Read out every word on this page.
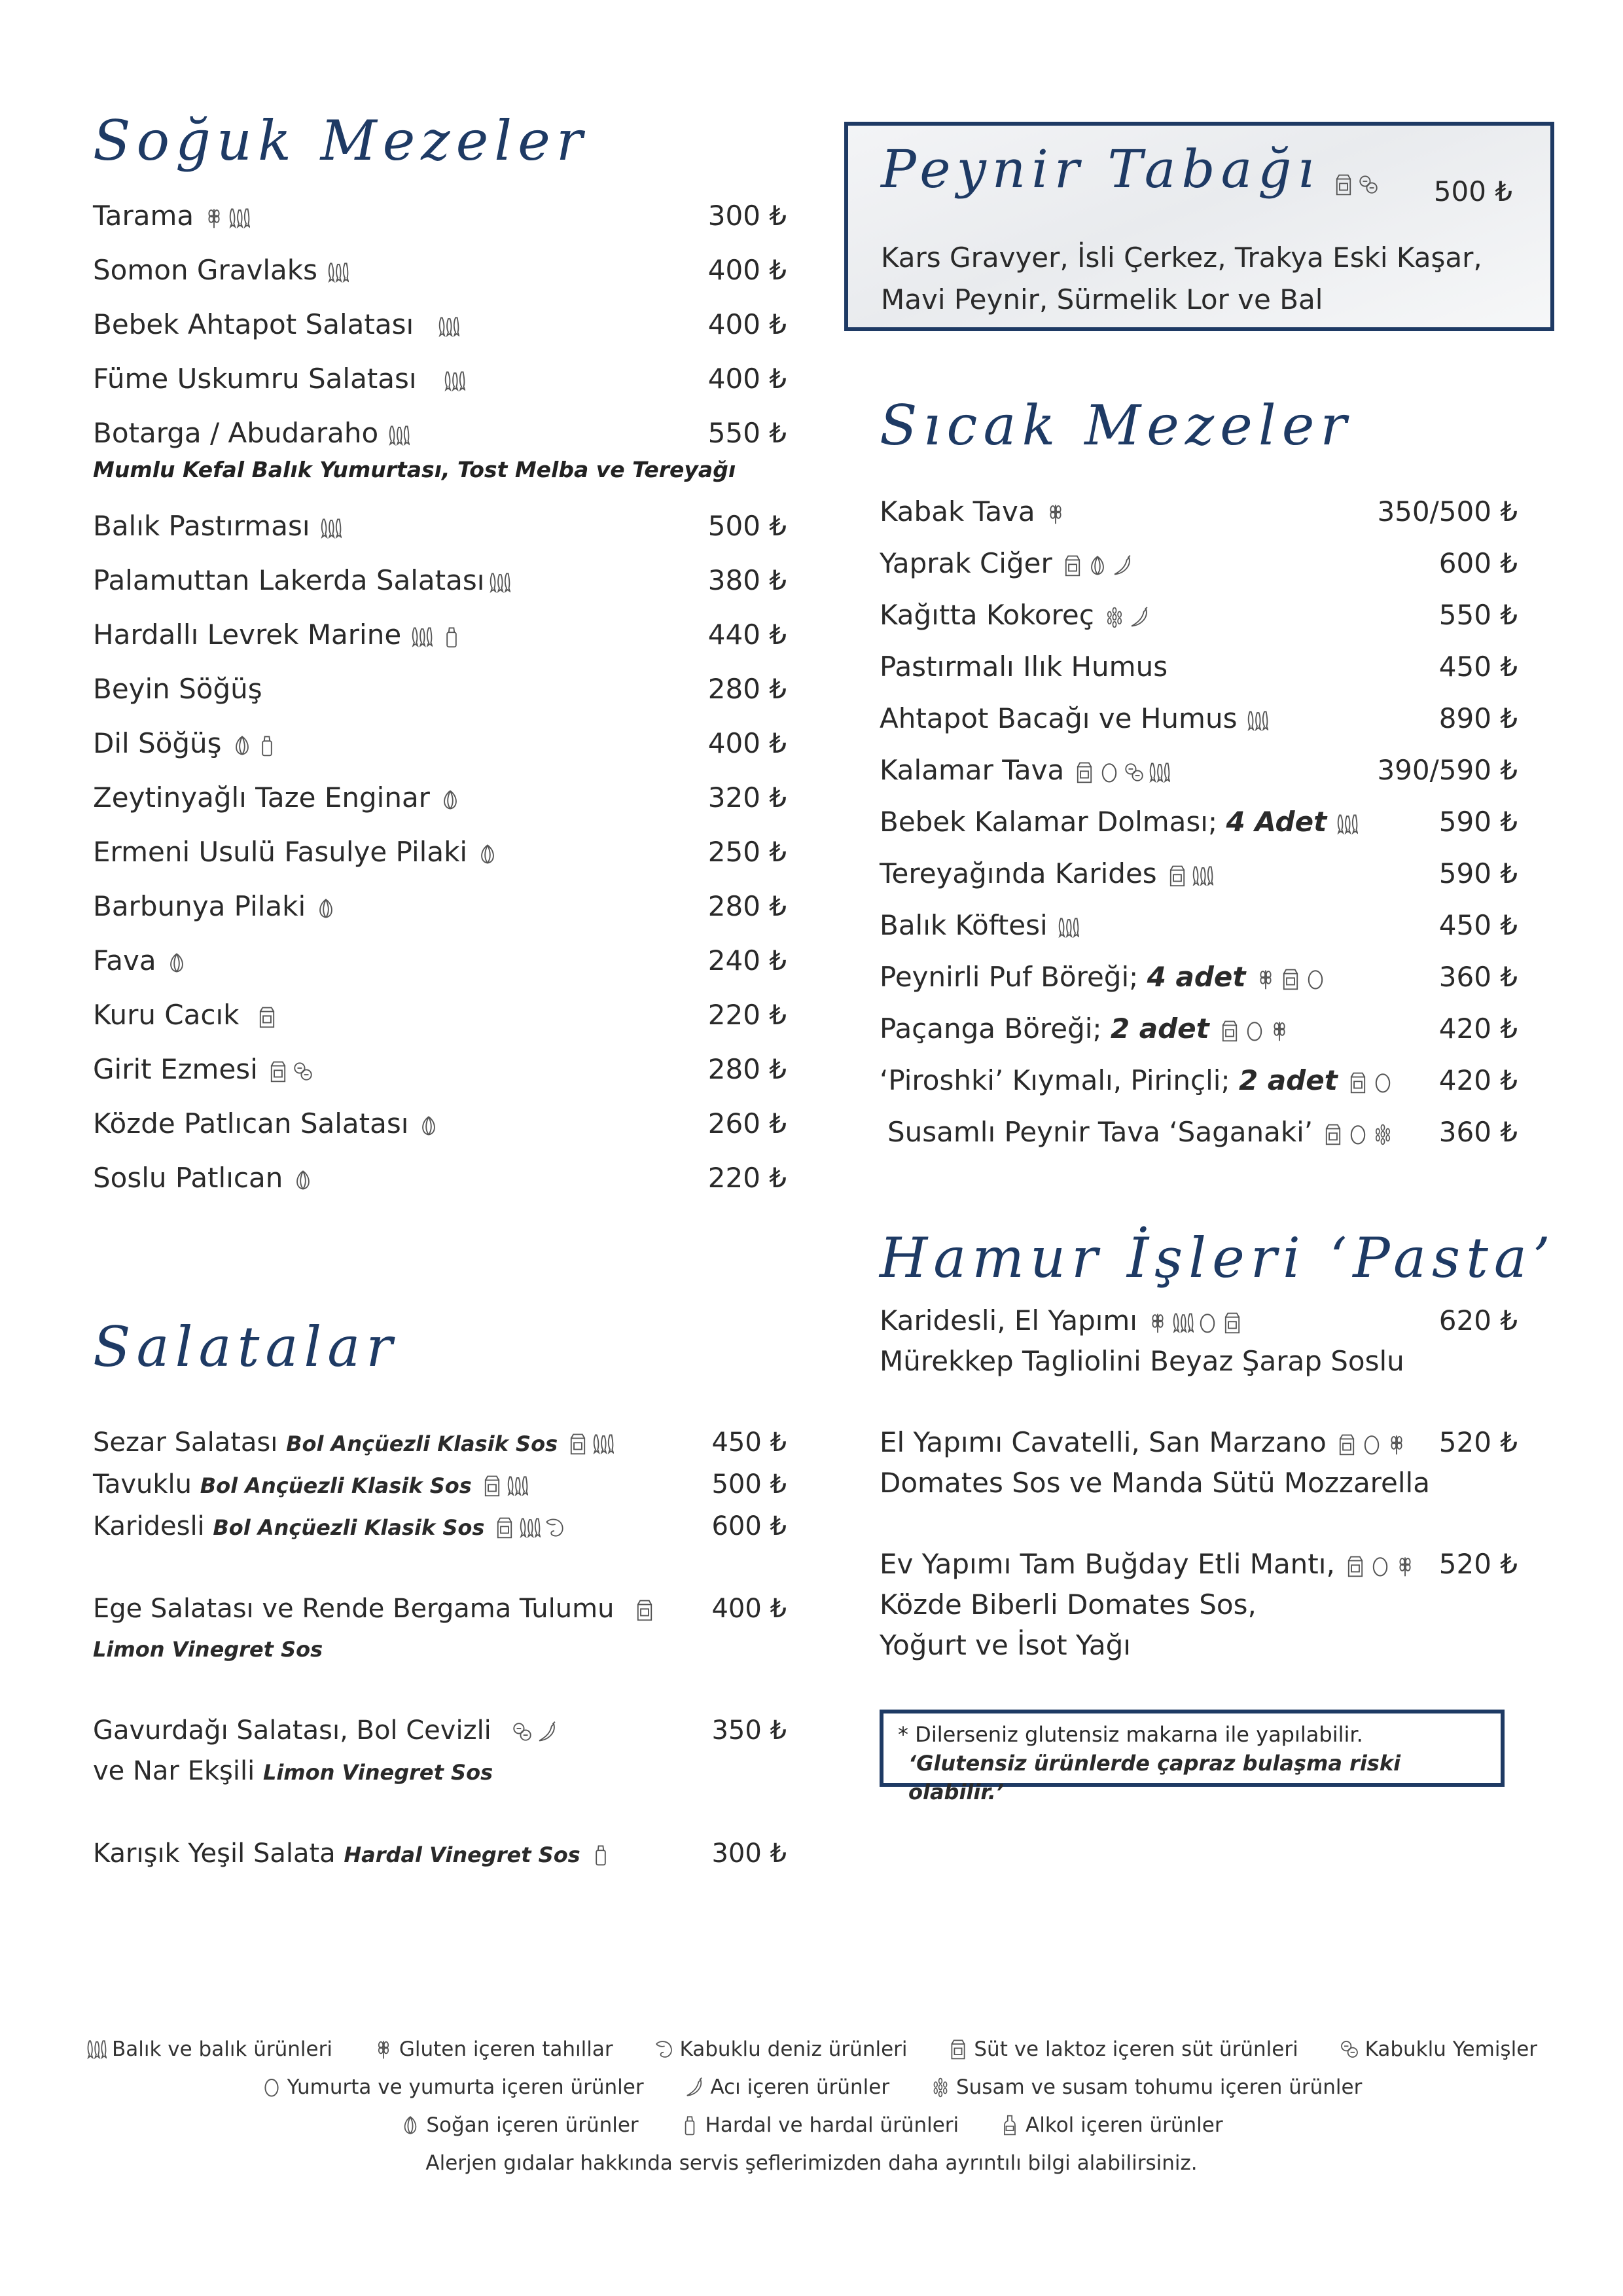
Soğuk Mezeler
Tarama	300 ₺
Somon Gravlaks	400 ₺
Bebek Ahtapot Salatası	400 ₺
Füme Uskumru Salatası	400 ₺
Botarga / Abudaraho	550 ₺
Mumlu Kefal Balık Yumurtası, Tost Melba ve Tereyağı
Balık Pastırması	500 ₺
Palamuttan Lakerda Salatası	380 ₺
Hardallı Levrek Marine	440 ₺
Beyin Söğüş	280 ₺
Dil Söğüş	400 ₺
Zeytinyağlı Taze Enginar	320 ₺
Ermeni Usulü Fasulye Pilaki	250 ₺
Barbunya Pilaki	280 ₺
Fava	240 ₺
Kuru Cacık	220 ₺
Girit Ezmesi	280 ₺
Közde Patlıcan Salatası	260 ₺
Soslu Patlıcan	220 ₺
Salatalar
Sezar Salatası Bol Ançüezli Klasik Sos	450 ₺
Tavuklu Bol Ançüezli Klasik Sos	500 ₺
Karidesli Bol Ançüezli Klasik Sos	600 ₺
Ege Salatası ve Rende Bergama Tulumu	400 ₺
Limon Vinegret Sos
Gavurdağı Salatası, Bol Cevizli	350 ₺
ve Nar Ekşili Limon Vinegret Sos
Karışık Yeşil Salata Hardal Vinegret Sos	300 ₺
Peynir Tabağı	500 ₺
Kars Gravyer, İsli Çerkez, Trakya Eski Kaşar,
Mavi Peynir, Sürmelik Lor ve Bal
Sıcak Mezeler
Kabak Tava	350/500 ₺
Yaprak Ciğer	600 ₺
Kağıtta Kokoreç	550 ₺
Pastırmalı Ilık Humus	450 ₺
Ahtapot Bacağı ve Humus	890 ₺
Kalamar Tava	390/590 ₺
Bebek Kalamar Dolması; 4 Adet	590 ₺
Tereyağında Karides	590 ₺
Balık Köftesi	450 ₺
Peynirli Puf Böreği; 4 adet	360 ₺
Paçanga Böreği; 2 adet	420 ₺
‘Piroshki’ Kıymalı, Pirinçli; 2 adet	420 ₺
Susamlı Peynir Tava ‘Saganaki’	360 ₺
Hamur İşleri ‘Pasta’
Karidesli, El Yapımı	620 ₺
Mürekkep Tagliolini Beyaz Şarap Soslu
El Yapımı Cavatelli, San Marzano	520 ₺
Domates Sos ve Manda Sütü Mozzarella
Ev Yapımı Tam Buğday Etli Mantı,	520 ₺
Közde Biberli Domates Sos,
Yoğurt ve İsot Yağı
* Dilerseniz glutensiz makarna ile yapılabilir.
‘Glutensiz ürünlerde çapraz bulaşma riski olabilir.’
Balık ve balık ürünleri
	Gluten içeren tahıllar
	Kabuklu deniz ürünleri
	Süt ve laktoz içeren süt ürünleri
	Kabuklu Yemişler
Yumurta ve yumurta içeren ürünler
	Acı içeren ürünler
	Susam ve susam tohumu içeren ürünler
Soğan içeren ürünler
	Hardal ve hardal ürünleri
	Alkol içeren ürünler
Alerjen gıdalar hakkında servis şeflerimizden daha ayrıntılı bilgi alabilirsiniz.
